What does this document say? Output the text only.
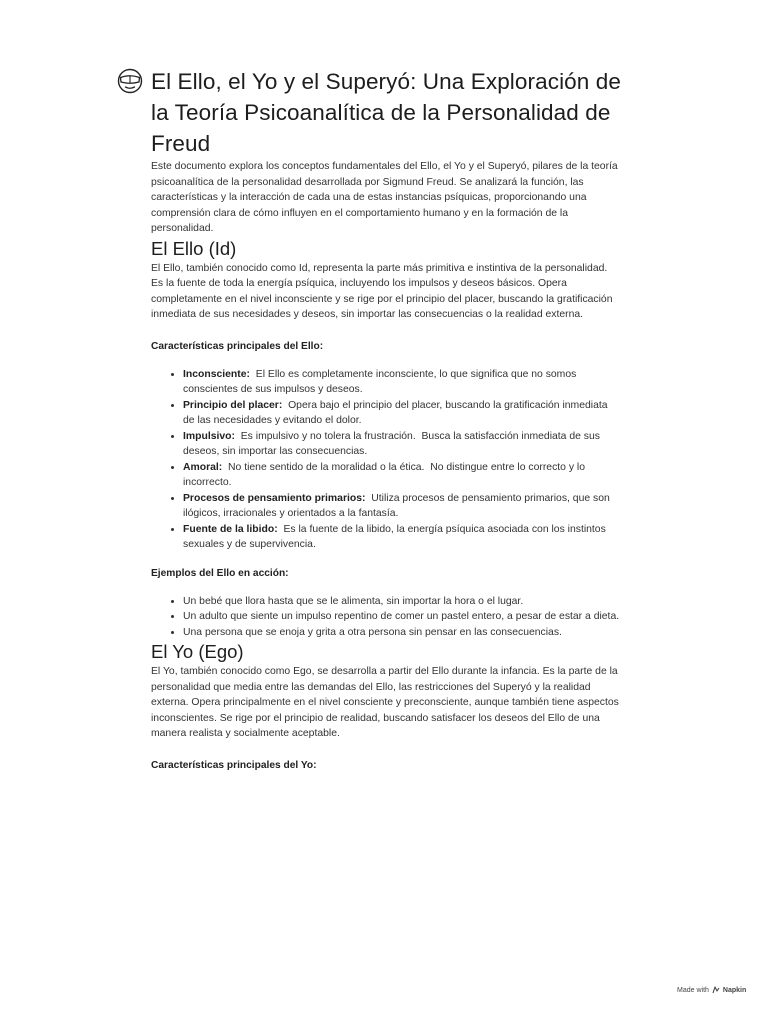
El Ello, el Yo y el Superyó: Una Exploración de la Teoría Psicoanalítica de la Personalidad de Freud

Este documento explora los conceptos fundamentales del Ello, el Yo y el Superyó, pilares de la teoría psicoanalítica de la personalidad desarrollada por Sigmund Freud. Se analizará la función, las características y la interacción de cada una de estas instancias psíquicas, proporcionando una comprensión clara de cómo influyen en el comportamiento humano y en la formación de la personalidad.

El Ello (Id)

El Ello, también conocido como Id, representa la parte más primitiva e instintiva de la personalidad. Es la fuente de toda la energía psíquica, incluyendo los impulsos y deseos básicos. Opera completamente en el nivel inconsciente y se rige por el principio del placer, buscando la gratificación inmediata de sus necesidades y deseos, sin importar las consecuencias o la realidad externa.

Características principales del Ello:

• Inconsciente:  El Ello es completamente inconsciente, lo que significa que no somos conscientes de sus impulsos y deseos.
• Principio del placer:  Opera bajo el principio del placer, buscando la gratificación inmediata de las necesidades y evitando el dolor.
• Impulsivo:  Es impulsivo y no tolera la frustración.  Busca la satisfacción inmediata de sus deseos, sin importar las consecuencias.
• Amoral:  No tiene sentido de la moralidad o la ética.  No distingue entre lo correcto y lo incorrecto.
• Procesos de pensamiento primarios:  Utiliza procesos de pensamiento primarios, que son ilógicos, irracionales y orientados a la fantasía.
• Fuente de la libido:  Es la fuente de la libido, la energía psíquica asociada con los instintos sexuales y de supervivencia.

Ejemplos del Ello en acción:

• Un bebé que llora hasta que se le alimenta, sin importar la hora o el lugar.
• Un adulto que siente un impulso repentino de comer un pastel entero, a pesar de estar a dieta.
• Una persona que se enoja y grita a otra persona sin pensar en las consecuencias.
El Yo (Ego)

El Yo, también conocido como Ego, se desarrolla a partir del Ello durante la infancia. Es la parte de la personalidad que media entre las demandas del Ello, las restricciones del Superyó y la realidad externa. Opera principalmente en el nivel consciente y preconsciente, aunque también tiene aspectos inconscientes. Se rige por el principio de realidad, buscando satisfacer los deseos del Ello de una manera realista y socialmente aceptable.

Características principales del Yo:

Made with Napkin
